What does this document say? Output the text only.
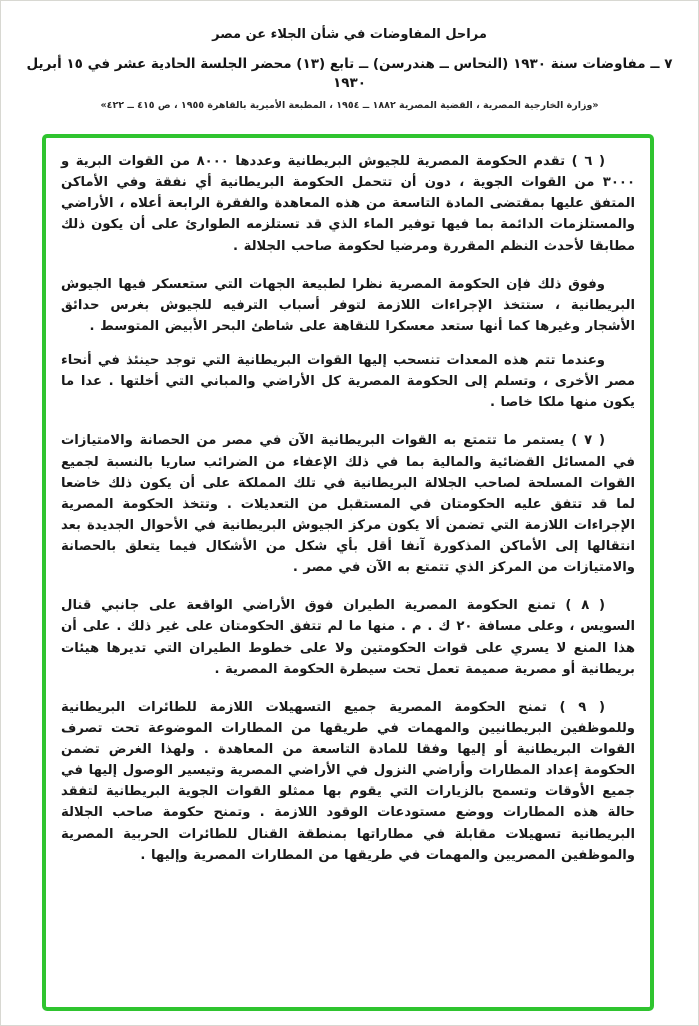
مراحل المفاوضات في شأن الجلاء عن مصر
٧ ــ مفاوضات سنة ١٩٣٠ (النحاس ــ هندرسن) ــ تابع (١٣) محضر الجلسة الحادية عشر في ١٥ أبريل ١٩٣٠
«وزارة الخارجية المصرية ، القضية المصرية ١٨٨٢ ــ ١٩٥٤ ، المطبعة الأميرية بالقاهرة ١٩٥٥ ، ص ٤١٥ ــ ٤٢٢»

( ٦ ) تقدم الحكومة المصرية للجيوش البريطانية وعددها ٨٠٠٠ من القوات البرية و ٣٠٠٠ من القوات الجوية ، دون أن تتحمل الحكومة البريطانية أي نفقة وفي الأماكن المتفق عليها بمقتضى المادة التاسعة من هذه المعاهدة والفقرة الرابعة أعلاه ، الأراضي والمستلزمات الدائمة بما فيها توفير الماء الذي قد تستلزمه الطوارئ على أن يكون ذلك مطابقا لأحدث النظم المقررة ومرضيا لحكومة صاحب الجلالة .

وفوق ذلك فإن الحكومة المصرية نظرا لطبيعة الجهات التي ستعسكر فيها الجيوش البريطانية ، ستتخذ الإجراءات اللازمة لتوفر أسباب الترفيه للجيوش بغرس حدائق الأشجار وغيرها كما أنها ستعد معسكرا للنقاهة على شاطئ البحر الأبيض المتوسط .

وعندما تتم هذه المعدات تنسحب إليها القوات البريطانية التي توجد حينئذ في أنحاء مصر الأخرى ، وتسلم إلى الحكومة المصرية كل الأراضي والمباني التي أخلتها . عدا ما يكون منها ملكا خاصا .

( ٧ ) يستمر ما تتمتع به القوات البريطانية الآن في مصر من الحصانة والامتيازات في المسائل القضائية والمالية بما في ذلك الإعفاء من الضرائب ساريا بالنسبة لجميع القوات المسلحة لصاحب الجلالة البريطانية في تلك المملكة على أن يكون ذلك خاضعا لما قد تتفق عليه الحكومتان في المستقبل من التعديلات . وتتخذ الحكومة المصرية الإجراءات اللازمة التي تضمن ألا يكون مركز الجيوش البريطانية في الأحوال الجديدة بعد انتقالها إلى الأماكن المذكورة آنفا أقل بأي شكل من الأشكال فيما يتعلق بالحصانة والامتيازات من المركز الذي تتمتع به الآن في مصر .

( ٨ ) تمنع الحكومة المصرية الطيران فوق الأراضي الواقعة على جانبي قنال السويس ، وعلى مسافة ٢٠ ك . م . منها ما لم تتفق الحكومتان على غير ذلك . على أن هذا المنع لا يسري على قوات الحكومتين ولا على خطوط الطيران التي تديرها هيئات بريطانية أو مصرية صميمة تعمل تحت سيطرة الحكومة المصرية .

( ٩ ) تمنح الحكومة المصرية جميع التسهيلات اللازمة للطائرات البريطانية وللموظفين البريطانيين والمهمات في طريقها من المطارات الموضوعة تحت تصرف القوات البريطانية أو إليها وفقا للمادة التاسعة من المعاهدة . ولهذا الغرض تضمن الحكومة إعداد المطارات وأراضي النزول في الأراضي المصرية وتيسير الوصول إليها في جميع الأوقات وتسمح بالزيارات التي يقوم بها ممثلو القوات الجوية البريطانية لتفقد حالة هذه المطارات ووضع مستودعات الوقود اللازمة . وتمنح حكومة صاحب الجلالة البريطانية تسهيلات مقابلة في مطاراتها بمنطقة القنال للطائرات الحربية المصرية والموظفين المصريين والمهمات في طريقها من المطارات المصرية وإليها .
